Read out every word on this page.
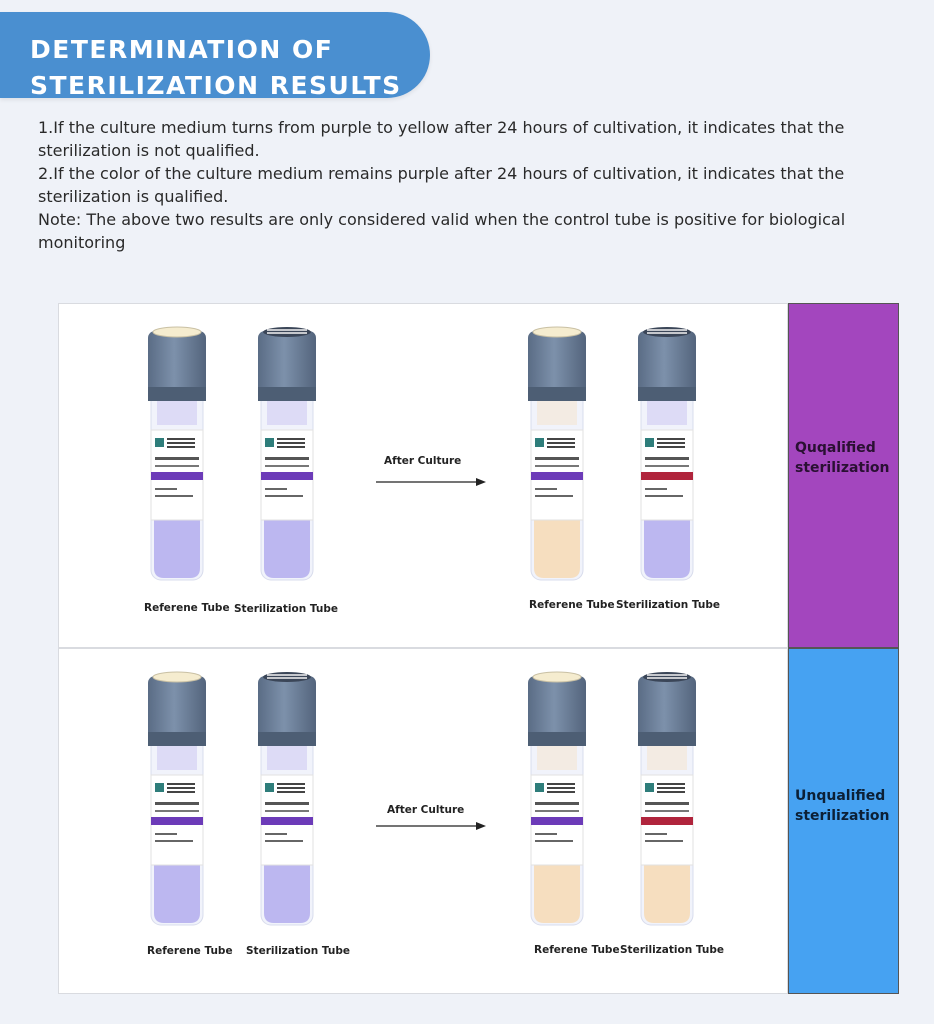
DETERMINATION OF
STERILIZATION RESULTS

1.If the culture medium turns from purple to yellow after 24 hours of cultivation, it indicates that the

sterilization is not qualified.

2.If the color of the culture medium remains purple after 24 hours of cultivation, it indicates that the

sterilization is qualified.

Note: The above two results are only considered valid when the control tube is positive for biological

monitoring

Quqalified sterilization
Unqualified sterilization
Referene Tube Sterilization Tube	Referene Tube Sterilization Tube
Referene Tube Sterilization Tube	Referene Tube Sterilization Tube
After Culture
After Culture
